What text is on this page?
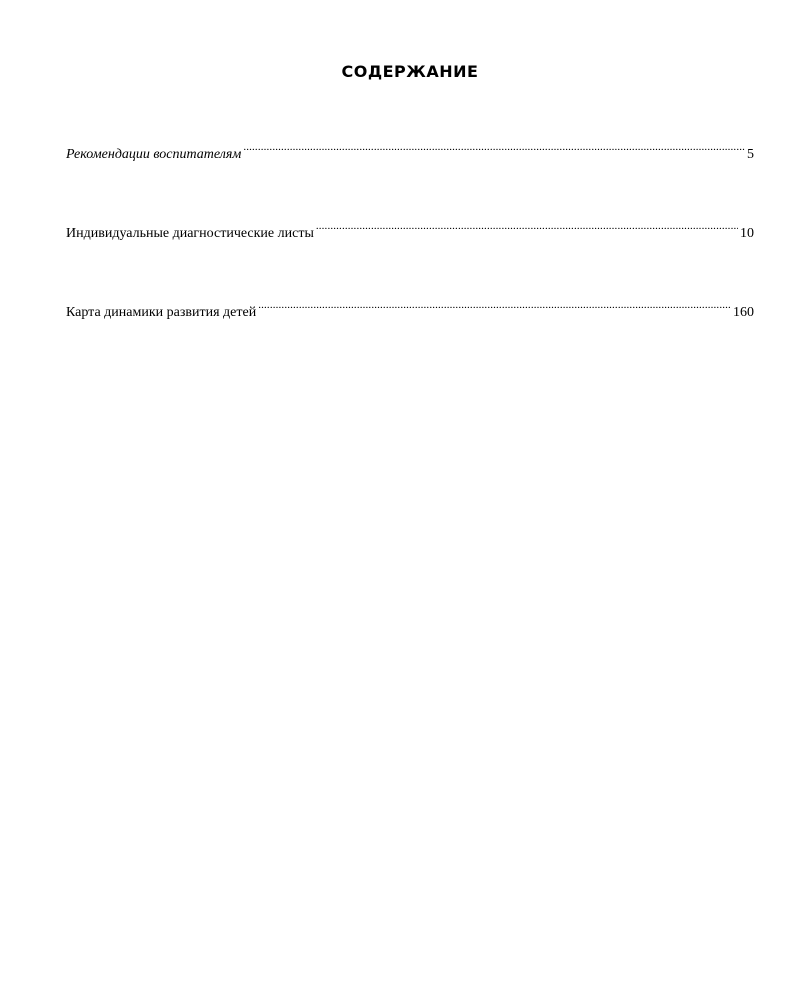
СОДЕРЖАНИЕ
Рекомендации воспитателям . . .	5
Индивидуальные диагностические листы . . .	10
Карта динамики развития детей . . .	160
